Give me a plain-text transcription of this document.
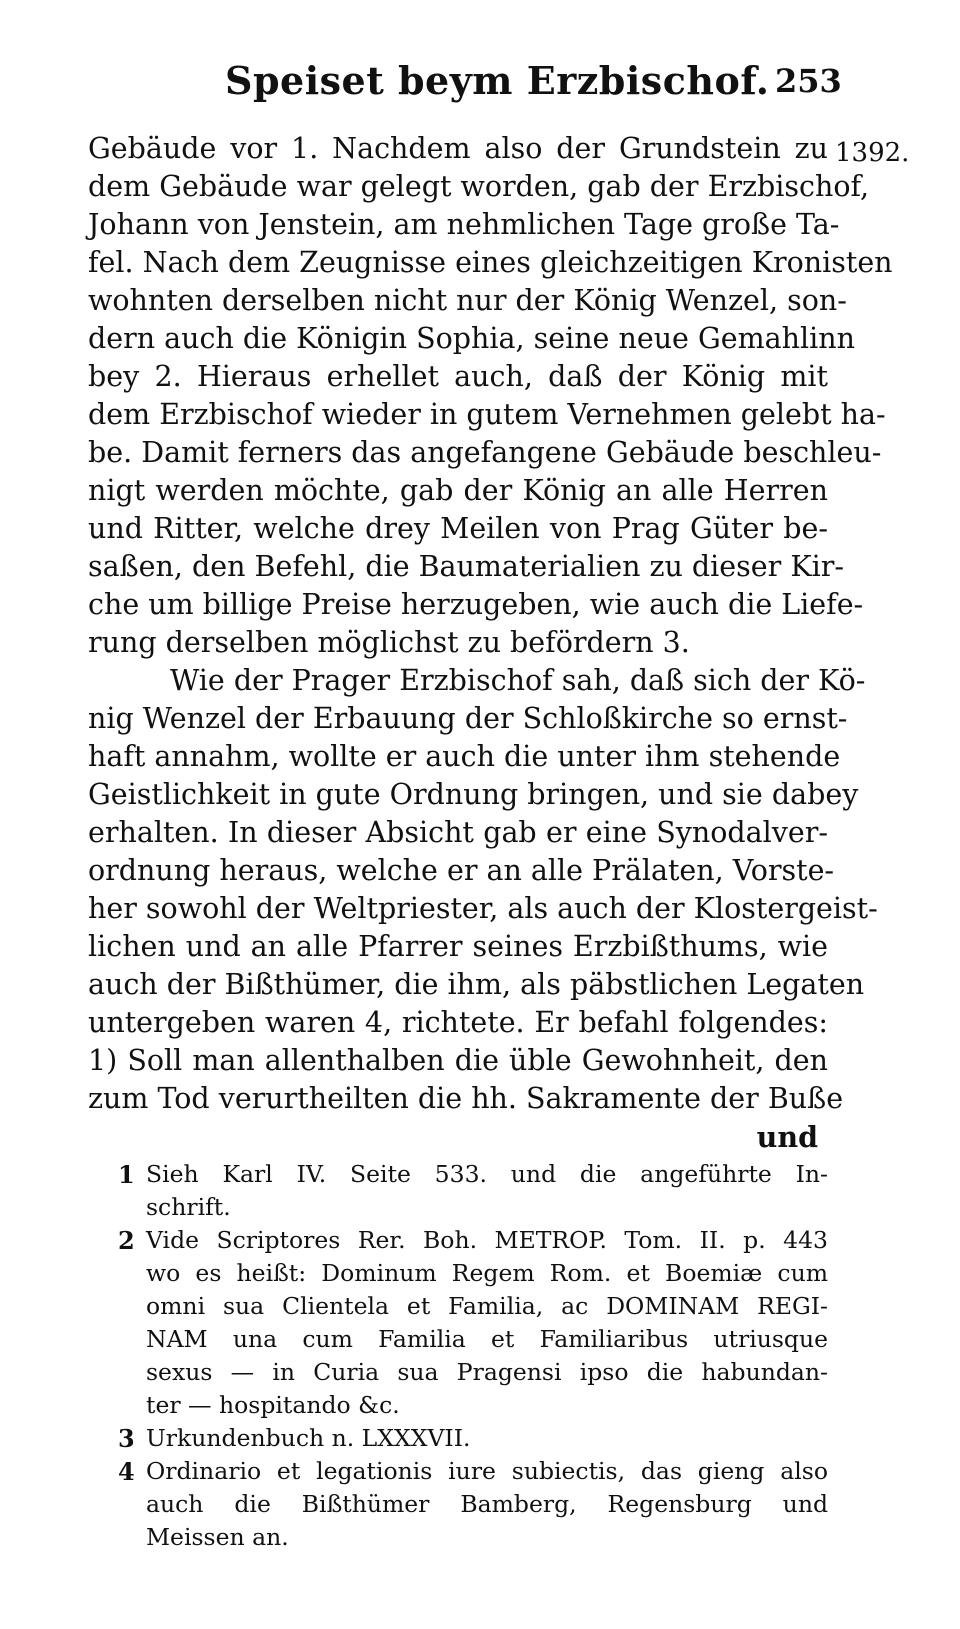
Speiset beym Erzbischof. 253
1392.
Gebäude vor 1. Nachdem also der Grundstein zu
dem Gebäude war gelegt worden, gab der Erzbischof,
Johann von Jenstein, am nehmlichen Tage große Ta-
fel. Nach dem Zeugnisse eines gleichzeitigen Kronisten
wohnten derselben nicht nur der König Wenzel, son-
dern auch die Königin Sophia, seine neue Gemahlinn
bey 2. Hieraus erhellet auch, daß der König mit
dem Erzbischof wieder in gutem Vernehmen gelebt ha-
be. Damit ferners das angefangene Gebäude beschleu-
nigt werden möchte, gab der König an alle Herren
und Ritter, welche drey Meilen von Prag Güter be-
saßen, den Befehl, die Baumaterialien zu dieser Kir-
che um billige Preise herzugeben, wie auch die Liefe-
rung derselben möglichst zu befördern 3.
Wie der Prager Erzbischof sah, daß sich der Kö-
nig Wenzel der Erbauung der Schloßkirche so ernst-
haft annahm, wollte er auch die unter ihm stehende
Geistlichkeit in gute Ordnung bringen, und sie dabey
erhalten. In dieser Absicht gab er eine Synodalver-
ordnung heraus, welche er an alle Prälaten, Vorste-
her sowohl der Weltpriester, als auch der Klostergeist-
lichen und an alle Pfarrer seines Erzbißthums, wie
auch der Bißthümer, die ihm, als päbstlichen Legaten
untergeben waren 4, richtete. Er befahl folgendes:
1) Soll man allenthalben die üble Gewohnheit, den
zum Tod verurtheilten die hh. Sakramente der Buße
und
1 Sieh Karl IV. Seite 533. und die angeführte In-
schrift.
2 Vide Scriptores Rer. Boh. METROP. Tom. II. p. 443
wo es heißt: Dominum Regem Rom. et Boemiæ cum
omni sua Clientela et Familia, ac DOMINAM REGI-
NAM una cum Familia et Familiaribus utriusque
sexus — in Curia sua Pragensi ipso die habundan-
ter — hospitando &c.
3 Urkundenbuch n. LXXXVII.
4 Ordinario et legationis iure subiectis, das gieng also
auch die Bißthümer Bamberg, Regensburg und
Meissen an.
